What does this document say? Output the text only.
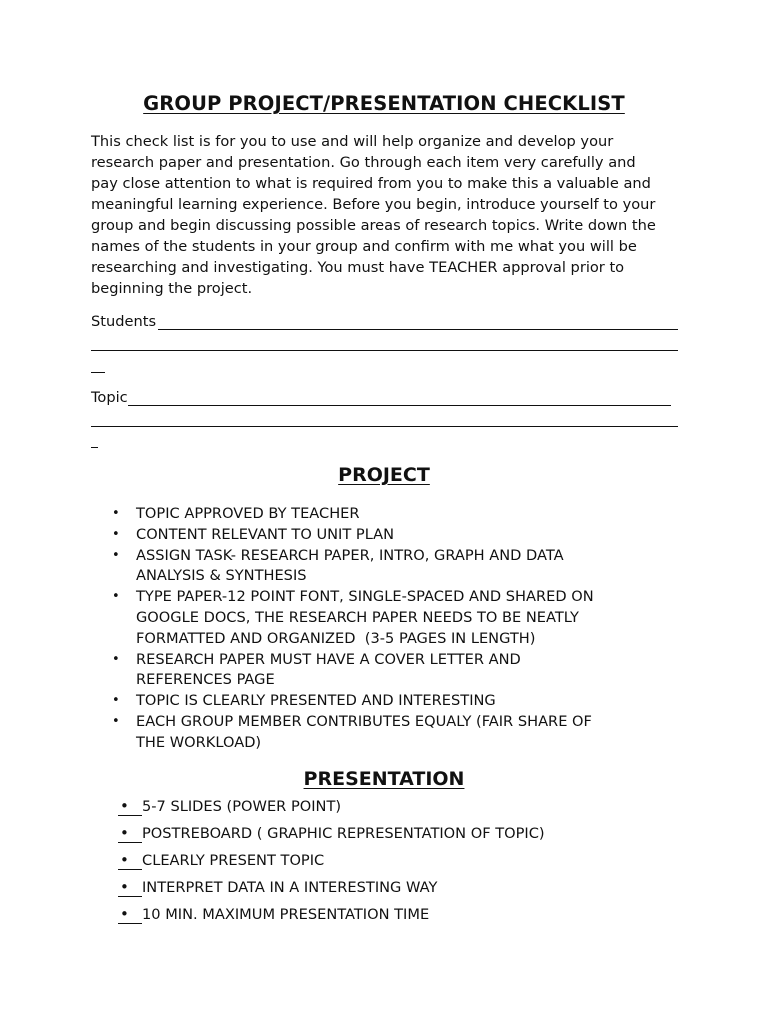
GROUP PROJECT/PRESENTATION CHECKLIST
This check list is for you to use and will help organize and develop your
research paper and presentation. Go through each item very carefully and
pay close attention to what is required from you to make this a valuable and
meaningful learning experience. Before you begin, introduce yourself to your
group and begin discussing possible areas of research topics. Write down the
names of the students in your group and confirm with me what you will be
researching and investigating. You must have TEACHER approval prior to
beginning the project.
Students
Topic
PROJECT
• TOPIC APPROVED BY TEACHER
• CONTENT RELEVANT TO UNIT PLAN
• ASSIGN TASK- RESEARCH PAPER, INTRO, GRAPH AND DATA
ANALYSIS & SYNTHESIS
• TYPE PAPER-12 POINT FONT, SINGLE-SPACED AND SHARED ON
GOOGLE DOCS, THE RESEARCH PAPER NEEDS TO BE NEATLY
FORMATTED AND ORGANIZED  (3-5 PAGES IN LENGTH)
• RESEARCH PAPER MUST HAVE A COVER LETTER AND
REFERENCES PAGE
• TOPIC IS CLEARLY PRESENTED AND INTERESTING
• EACH GROUP MEMBER CONTRIBUTES EQUALY (FAIR SHARE OF
THE WORKLOAD)
PRESENTATION
• 5-7 SLIDES (POWER POINT)
• POSTREBOARD ( GRAPHIC REPRESENTATION OF TOPIC)
• CLEARLY PRESENT TOPIC
• INTERPRET DATA IN A INTERESTING WAY
• 10 MIN. MAXIMUM PRESENTATION TIME
